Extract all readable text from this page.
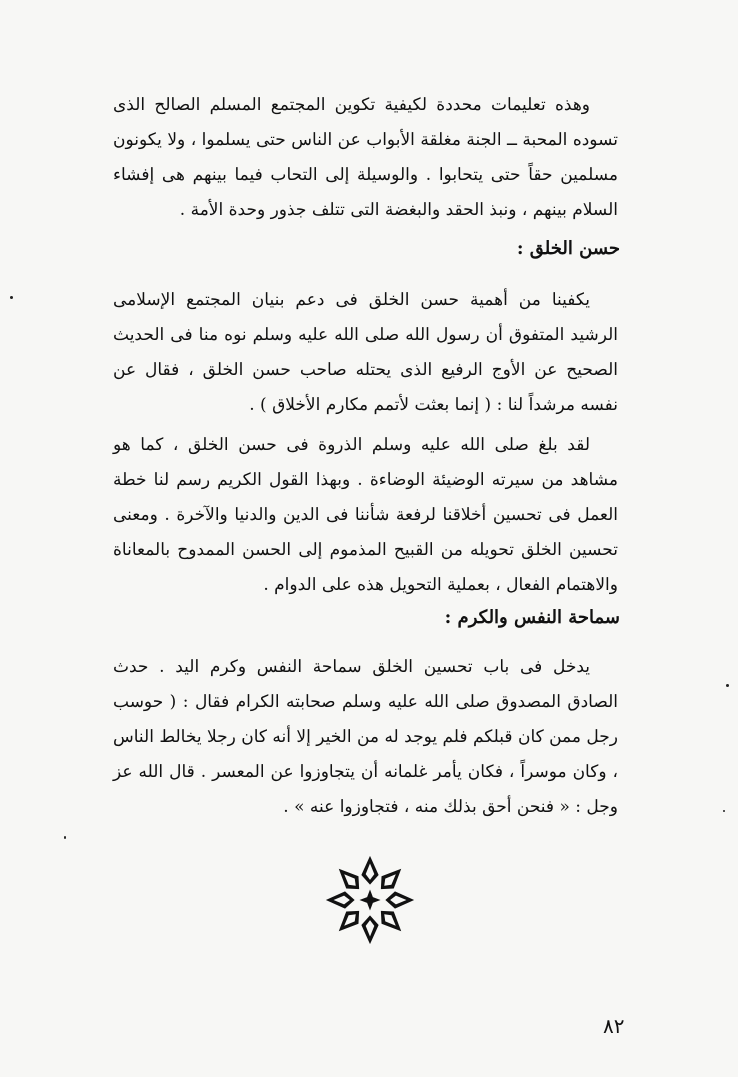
وهذه تعليمات محددة لكيفية تكوين المجتمع المسلم الصالح الذى تسوده المحبة ــ الجنة مغلقة الأبواب عن الناس حتى يسلموا ، ولا يكونون مسلمين حقاً حتى يتحابوا . والوسيلة إلى التحاب فيما بينهم هى إفشاء السلام بينهم ، ونبذ الحقد والبغضة التى تتلف جذور وحدة الأمة .

حسن الخلق :

يكفينا من أهمية حسن الخلق فى دعم بنيان المجتمع الإسلامى الرشيد المتفوق أن رسول الله صلى الله عليه وسلم نوه منا فى الحديث الصحيح عن الأوج الرفيع الذى يحتله صاحب حسن الخلق ، فقال عن نفسه مرشداً لنا : ( إنما بعثت لأتمم مكارم الأخلاق ) .

لقد بلغ صلى الله عليه وسلم الذروة فى حسن الخلق ، كما هو مشاهد من سيرته الوضيئة الوضاءة . وبهذا القول الكريم رسم لنا خطة العمل فى تحسين أخلاقنا لرفعة شأننا فى الدين والدنيا والآخرة . ومعنى تحسين الخلق تحويله من القبيح المذموم إلى الحسن الممدوح بالمعاناة والاهتمام الفعال ، بعملية التحويل هذه على الدوام .

سماحة النفس والكرم :

يدخل فى باب تحسين الخلق سماحة النفس وكرم اليد . حدث الصادق المصدوق صلى الله عليه وسلم صحابته الكرام فقال : ( حوسب رجل ممن كان قبلكم فلم يوجد له من الخير إلا أنه كان رجلا يخالط الناس ، وكان موسراً ، فكان يأمر غلمانه أن يتجاوزوا عن المعسر . قال الله عز وجل : « فنحن أحق بذلك منه ، فتجاوزوا عنه » .

٨٢
